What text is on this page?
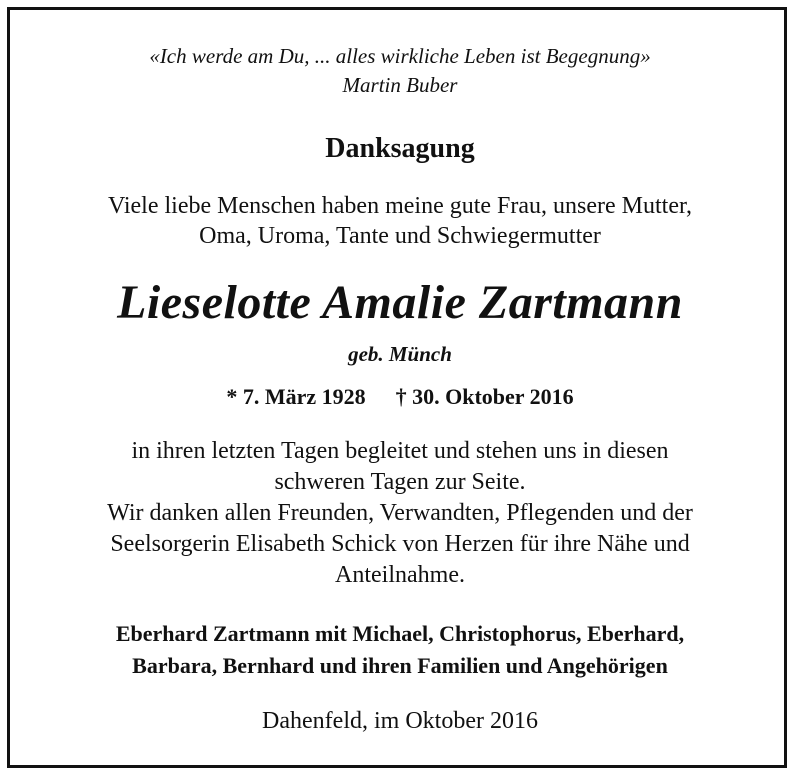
«Ich werde am Du, ... alles wirkliche Leben ist Begegnung»
Martin Buber
Danksagung
Viele liebe Menschen haben meine gute Frau, unsere Mutter,
Oma, Uroma, Tante und Schwiegermutter
Lieselotte Amalie Zartmann
geb. Münch
* 7. März 1928 † 30. Oktober 2016
in ihren letzten Tagen begleitet und stehen uns in diesen
schweren Tagen zur Seite.
Wir danken allen Freunden, Verwandten, Pflegenden und der
Seelsorgerin Elisabeth Schick von Herzen für ihre Nähe und
Anteilnahme.
Eberhard Zartmann mit Michael, Christophorus, Eberhard,
Barbara, Bernhard und ihren Familien und Angehörigen
Dahenfeld, im Oktober 2016
